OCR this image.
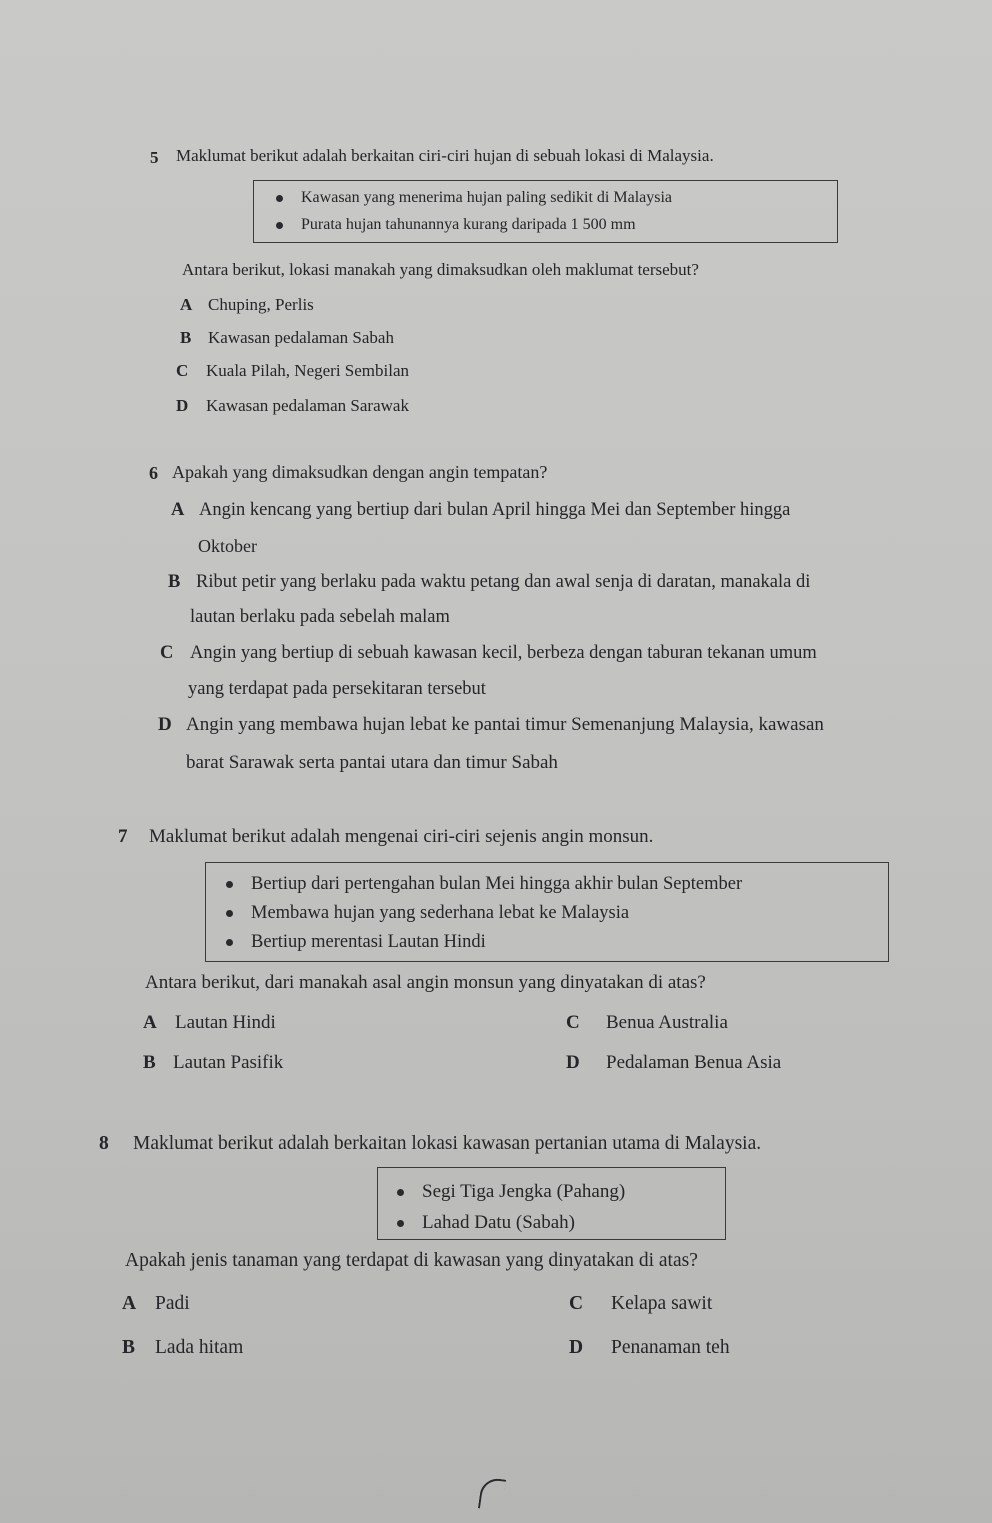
5 Maklumat berikut adalah berkaitan ciri-ciri hujan di sebuah lokasi di Malaysia.
Kawasan yang menerima hujan paling sedikit di Malaysia
Purata hujan tahunannya kurang daripada 1 500 mm
Antara berikut, lokasi manakah yang dimaksudkan oleh maklumat tersebut?
A Chuping, Perlis
B Kawasan pedalaman Sabah
C Kuala Pilah, Negeri Sembilan
D Kawasan pedalaman Sarawak
6 Apakah yang dimaksudkan dengan angin tempatan?
A Angin kencang yang bertiup dari bulan April hingga Mei dan September hingga
Oktober
B Ribut petir yang berlaku pada waktu petang dan awal senja di daratan, manakala di
lautan berlaku pada sebelah malam
C Angin yang bertiup di sebuah kawasan kecil, berbeza dengan taburan tekanan umum
yang terdapat pada persekitaran tersebut
D Angin yang membawa hujan lebat ke pantai timur Semenanjung Malaysia, kawasan
barat Sarawak serta pantai utara dan timur Sabah
7 Maklumat berikut adalah mengenai ciri-ciri sejenis angin monsun.
Bertiup dari pertengahan bulan Mei hingga akhir bulan September
Membawa hujan yang sederhana lebat ke Malaysia
Bertiup merentasi Lautan Hindi
Antara berikut, dari manakah asal angin monsun yang dinyatakan di atas?
A Lautan Hindi	C Benua Australia
B Lautan Pasifik	D Pedalaman Benua Asia
8 Maklumat berikut adalah berkaitan lokasi kawasan pertanian utama di Malaysia.
Segi Tiga Jengka (Pahang)
Lahad Datu (Sabah)
Apakah jenis tanaman yang terdapat di kawasan yang dinyatakan di atas?
A Padi	C Kelapa sawit
B Lada hitam	D Penanaman teh
